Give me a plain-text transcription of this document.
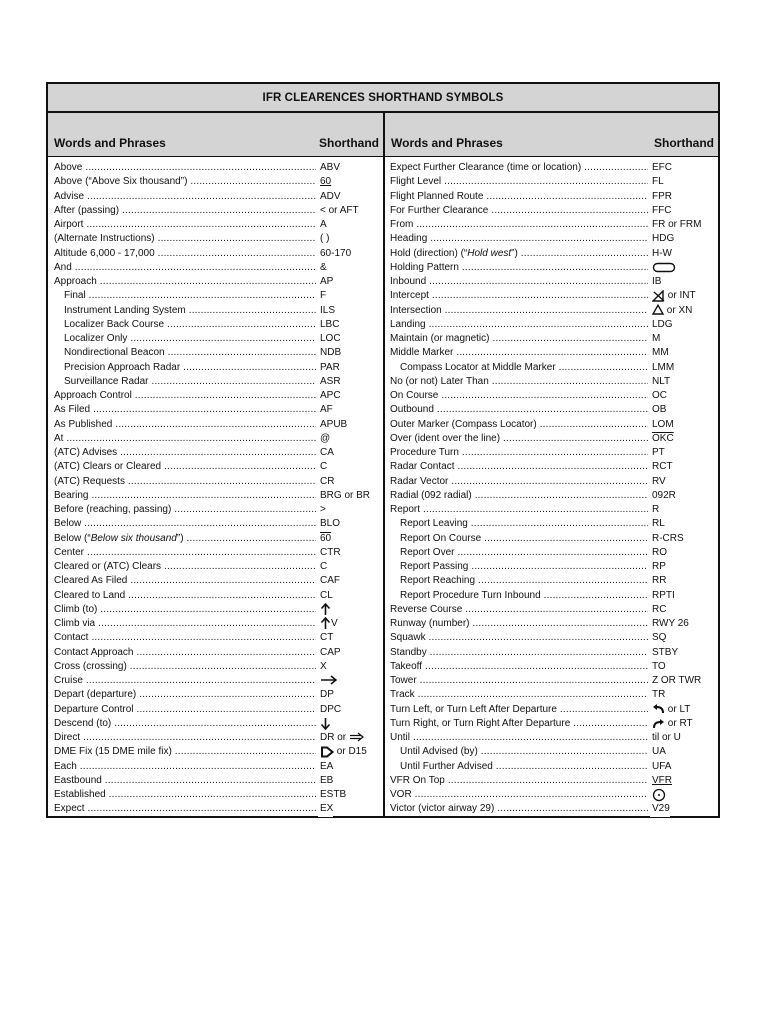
IFR CLEARENCES SHORTHAND SYMBOLS
Words and Phrases	Shorthand
Above .....	ABV
Above (“Above Six thousand”) .....	60
Advise .....	ADV
After (passing) .....	< or AFT
Airport .....	A
(Alternate Instructions) .....	( )
Altitude 6,000 - 17,000 .....	60-170
And .....	&
Approach .....	AP
Final .....	F
Instrument Landing System .....	ILS
Localizer Back Course .....	LBC
Localizer Only .....	LOC
Nondirectional Beacon .....	NDB
Precision Approach Radar .....	PAR
Surveillance Radar .....	ASR
Approach Control .....	APC
As Filed .....	AF
As Published .....	APUB
At .....	@
(ATC) Advises .....	CA
(ATC) Clears or Cleared .....	C
(ATC) Requests .....	CR
Bearing .....	BRG or BR
Before (reaching, passing) .....	>
Below .....	BLO
Below (“Below six thousand”) .....	60
Center .....	CTR
Cleared or (ATC) Clears .....	C
Cleared As Filed .....	CAF
Cleared to Land .....	CL
Climb (to) .....
Climb via .....	V
Contact .....	CT
Contact Approach .....	CAP
Cross (crossing) .....	X
Cruise .....
Depart (departure) .....	DP
Departure Control .....	DPC
Descend (to) .....
Direct .....	DR or
DME Fix (15 DME mile fix) .....	or D15
Each .....	EA
Eastbound .....	EB
Established .....	ESTB
Expect .....	EX
Words and Phrases	Shorthand
Expect Further Clearance (time or location) .....	EFC
Flight Level .....	FL
Flight Planned Route .....	FPR
For Further Clearance .....	FFC
From .....	FR or FRM
Heading .....	HDG
Hold (direction) (“Hold west”) .....	H-W
Holding Pattern .....
Inbound .....	IB
Intercept .....	or INT
Intersection .....	or XN
Landing .....	LDG
Maintain (or magnetic) .....	M
Middle Marker .....	MM
Compass Locator at Middle Marker .....	LMM
No (or not) Later Than .....	NLT
On Course .....	OC
Outbound .....	OB
Outer Marker (Compass Locator) .....	LOM
Over (ident over the line) .....	$\overline{OKC}$
Procedure Turn .....	PT
Radar Contact .....	RCT
Radar Vector .....	RV
Radial (092 radial) .....	092R
Report .....	R
Report Leaving .....	RL
Report On Course .....	R-CRS
Report Over .....	RO
Report Passing .....	RP
Report Reaching .....	RR
Report Procedure Turn Inbound .....	RPTI
Reverse Course .....	RC
Runway (number) .....	RWY 26
Squawk .....	SQ
Standby .....	STBY
Takeoff .....	TO
Tower .....	Z OR TWR
Track .....	TR
Turn Left, or Turn Left After Departure .....	or LT
Turn Right, or Turn Right After Departure .....	or RT
Until .....	til or U
Until Advised (by) .....	UA
Until Further Advised .....	UFA
VFR On Top .....	VFR
VOR .....
Victor (victor airway 29) .....	V29
